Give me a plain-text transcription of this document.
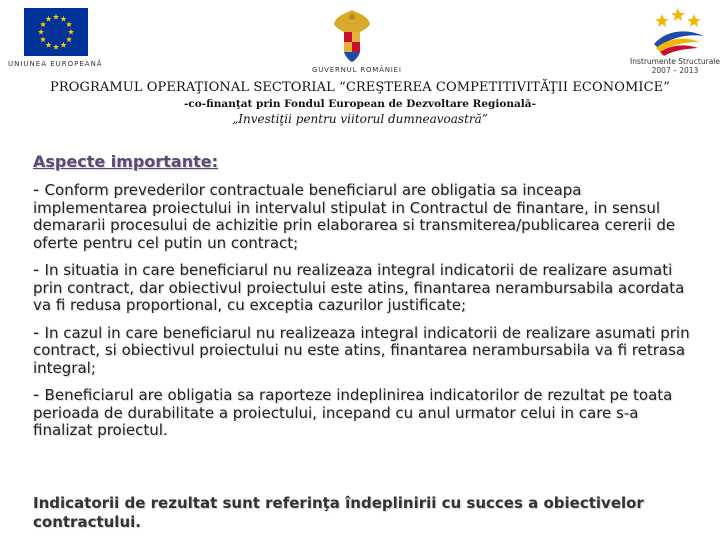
UNIUNEA EUROPEANĂ
GUVERNUL ROMÂNIEI
Instrumente Structurale
2007 – 2013
PROGRAMUL OPERAŢIONAL SECTORIAL “CREŞTEREA COMPETITIVITĂŢII ECONOMICE”
-co-finanţat prin Fondul European de Dezvoltare Regională-
„Investiţii pentru viitorul dumneavoastră”
Aspecte importante:

- Conform prevederilor contractuale beneficiarul are obligatia sa inceapa implementarea proiectului in intervalul stipulat in Contractul de finantare, in sensul demararii procesului de achizitie prin elaborarea si transmiterea/publicarea cererii de oferte pentru cel putin un contract;

- In situatia in care beneficiarul nu realizeaza integral indicatorii de realizare asumati prin contract, dar obiectivul proiectului este atins, finantarea nerambursabila acordata va fi redusa proportional, cu exceptia cazurilor justificate;

- In cazul in care beneficiarul nu realizeaza integral indicatorii de realizare asumati prin contract, si obiectivul proiectului nu este atins, finantarea nerambursabila va fi retrasa integral;

- Beneficiarul are obligatia sa raporteze indeplinirea indicatorilor de rezultat pe toata perioada de durabilitate a proiectului, incepand cu anul urmator celui in care s-a finalizat proiectul.

Indicatorii de rezultat sunt referinţa îndeplinirii cu succes a obiectivelor contractului.
